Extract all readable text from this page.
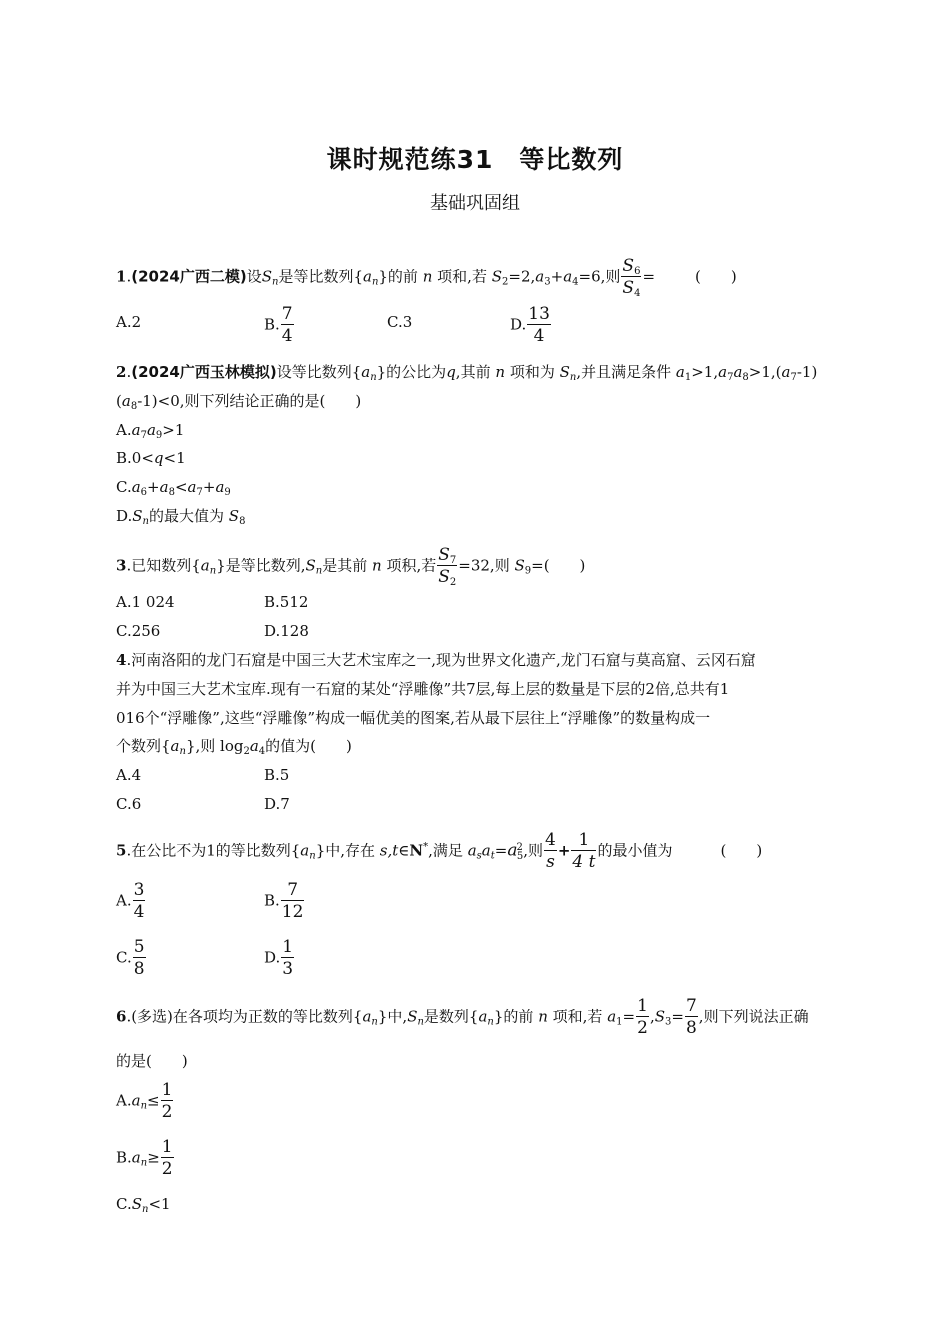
课时规范练31　等比数列
基础巩固组
1.(2024广西二模)设$S_n$是等比数列$\{a_n\}$的前 n 项和,若 $S_2=2,a_3+a_4=6$,则 $\frac{S_6}{S_4}$ =	(　　)
A.2	B. $\frac{7}{4}$	C.3	D. $\frac{13}{4}$
2.(2024广西玉林模拟)设等比数列$\{a_n\}$的公比为q,其前 n 项和为 $S_n$,并且满足条件 $a_1>1,a_7a_8>1,(a_7-1)$
$(a_8-1)<0$,则下列结论正确的是(　　)
$A.a_7a_9>1$
B.0<q<1
$C.a_6+a_8<a_7+a_9$
$D.S_n$的最大值为 $S_8$
3.已知数列$\{a_n\}$是等比数列$,S_n$是其前 n 项积,若 $\frac{S_7}{S_2} =32$,则 $S_9=$(　　)
A.1 024	B.512
C.256	D.128
4.河南洛阳的龙门石窟是中国三大艺术宝库之一,现为世界文化遗产,龙门石窟与莫高窟、云冈石窟
并为中国三大艺术宝库.现有一石窟的某处“浮雕像”共7层,每上层的数量是下层的2倍,总共有1
016个“浮雕像”,这些“浮雕像”构成一幅优美的图案,若从最下层往上“浮雕像”的数量构成一
个数列$\{a_n\}$,则 $\log_2a_4$的值为(　　)
A.4	B.5
C.6	D.7
5.在公比不为1的等比数列$\{a_n\}$中,存在 s,t∈N*,满足 $a_sa_t=a^2_5$,则 $\frac{4}{s} + \frac{1}{4 t}$ 的最小值为	(　　)
A. $\frac{3}{4}$	B. $\frac{7}{12}$
C. $\frac{5}{8}$	D. $\frac{1}{3}$
6.(多选)在各项均为正数的等比数列$\{a_n\}$中$,S_n$是数列$\{a_n\}$的前 n 项和,若 $a_1= \frac{1}{2} ,S_3= \frac{7}{8}$ ,则下列说法正确
的是(　　)
$A.a_n\le \frac{1}{2}$
$B.a_n\ge \frac{1}{2}$
$C.S_n<1$
